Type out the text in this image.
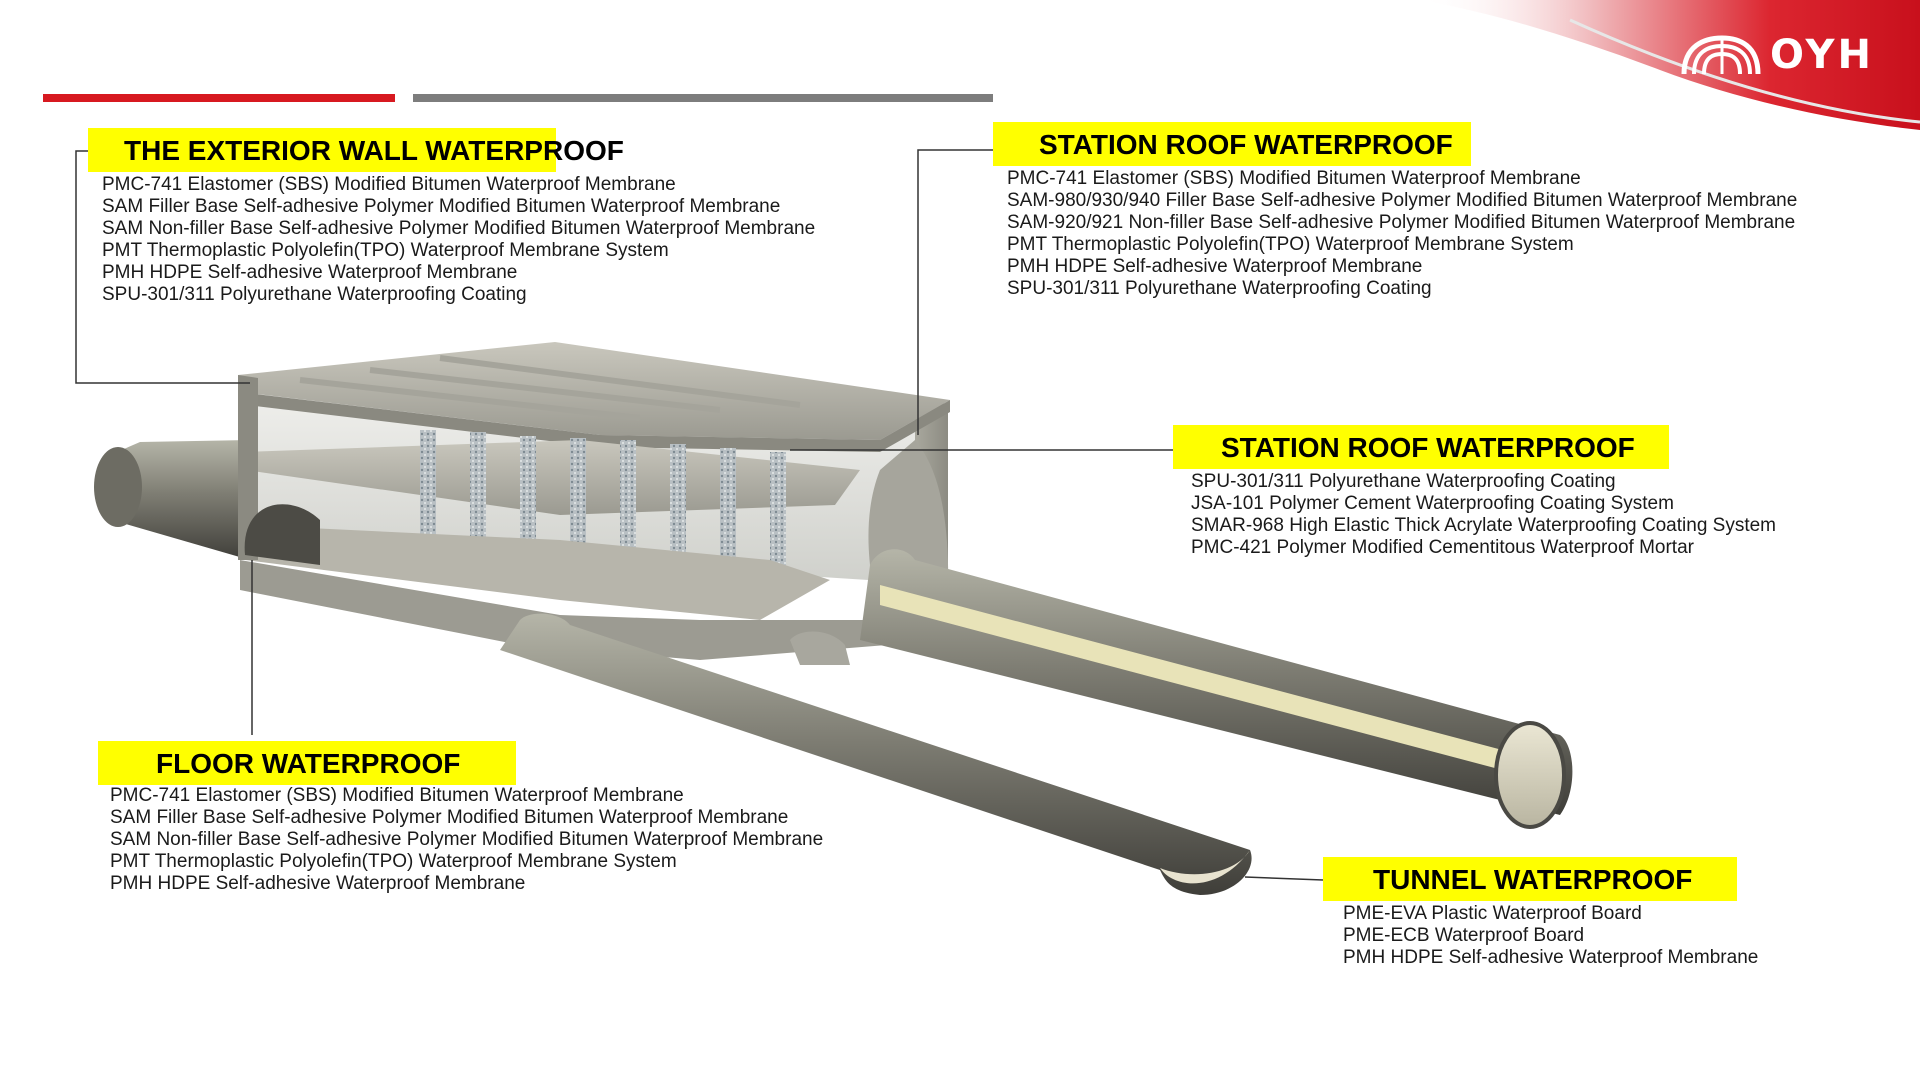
OYH
THE EXTERIOR WALL WATERPROOF
PMC-741 Elastomer (SBS) Modified Bitumen Waterproof Membrane
SAM Filler Base Self-adhesive Polymer Modified Bitumen Waterproof Membrane
SAM Non-filler Base Self-adhesive Polymer Modified Bitumen Waterproof Membrane
PMT Thermoplastic Polyolefin(TPO) Waterproof Membrane System
PMH HDPE Self-adhesive Waterproof Membrane
SPU-301/311 Polyurethane Waterproofing Coating
STATION ROOF WATERPROOF
PMC-741 Elastomer (SBS) Modified Bitumen Waterproof Membrane
SAM-980/930/940 Filler Base Self-adhesive Polymer Modified Bitumen Waterproof Membrane
SAM-920/921 Non-filler Base Self-adhesive Polymer Modified Bitumen Waterproof Membrane
PMT Thermoplastic Polyolefin(TPO) Waterproof Membrane System
PMH HDPE Self-adhesive Waterproof Membrane
SPU-301/311 Polyurethane Waterproofing Coating
STATION ROOF WATERPROOF
SPU-301/311 Polyurethane Waterproofing Coating
JSA-101 Polymer Cement Waterproofing Coating System
SMAR-968 High Elastic Thick Acrylate Waterproofing Coating System
PMC-421 Polymer Modified Cementitous Waterproof Mortar
FLOOR WATERPROOF
PMC-741 Elastomer (SBS) Modified Bitumen Waterproof Membrane
SAM Filler Base Self-adhesive Polymer Modified Bitumen Waterproof Membrane
SAM Non-filler Base Self-adhesive Polymer Modified Bitumen Waterproof Membrane
PMT Thermoplastic Polyolefin(TPO) Waterproof Membrane System
PMH HDPE Self-adhesive Waterproof Membrane	TUNNEL WATERPROOF
PME-EVA Plastic Waterproof Board
PME-ECB Waterproof Board
PMH HDPE Self-adhesive Waterproof Membrane
